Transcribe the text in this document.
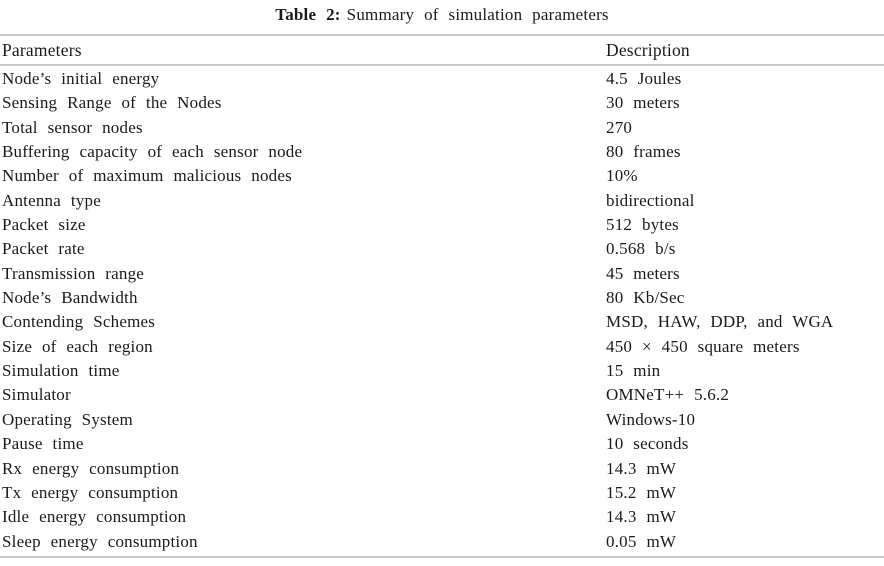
Table 2: Summary of simulation parameters
Parameters	Description
Node’s initial energy	4.5 Joules
Sensing Range of the Nodes	30 meters
Total sensor nodes	270
Buffering capacity of each sensor node	80 frames
Number of maximum malicious nodes	10%
Antenna type	bidirectional
Packet size	512 bytes
Packet rate	0.568 b/s
Transmission range	45 meters
Node’s Bandwidth	80 Kb/Sec
Contending Schemes	MSD, HAW, DDP, and WGA
Size of each region	450 × 450 square meters
Simulation time	15 min
Simulator	OMNeT++ 5.6.2
Operating System	Windows-10
Pause time	10 seconds
Rx energy consumption	14.3 mW
Tx energy consumption	15.2 mW
Idle energy consumption	14.3 mW
Sleep energy consumption	0.05 mW
